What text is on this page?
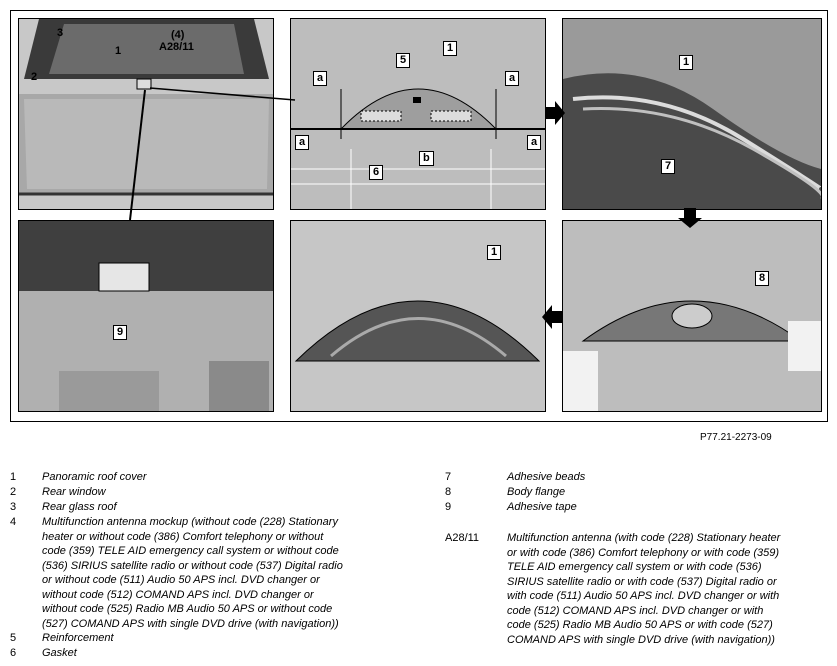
3
1
(4)
A28/11
2
5
1
a	a
a	a
b
6
1
7
9
1
8
P77.21-2273-09
1	Panoramic roof cover
2	Rear window
3	Rear glass roof
4	Multifunction antenna mockup (without code (228) Stationary
heater or without code (386) Comfort telephony or without
code (359) TELE AID emergency call system or without code
(536) SIRIUS satellite radio or without code (537) Digital radio
or without code (511) Audio 50 APS incl. DVD changer or
without code (512) COMAND APS incl. DVD changer or
without code (525) Radio MB Audio 50 APS or without code
(527) COMAND APS with single DVD drive (with navigation))
5	Reinforcement
6	Gasket
7	Adhesive beads
8	Body flange
9	Adhesive tape
A28/11	Multifunction antenna (with code (228) Stationary heater
or with code (386) Comfort telephony or with code (359)
TELE AID emergency call system or with code (536)
SIRIUS satellite radio or with code (537) Digital radio or
with code (511) Audio 50 APS incl. DVD changer or with
code (512) COMAND APS incl. DVD changer or with
code (525) Radio MB Audio 50 APS or with code (527)
COMAND APS with single DVD drive (with navigation))
